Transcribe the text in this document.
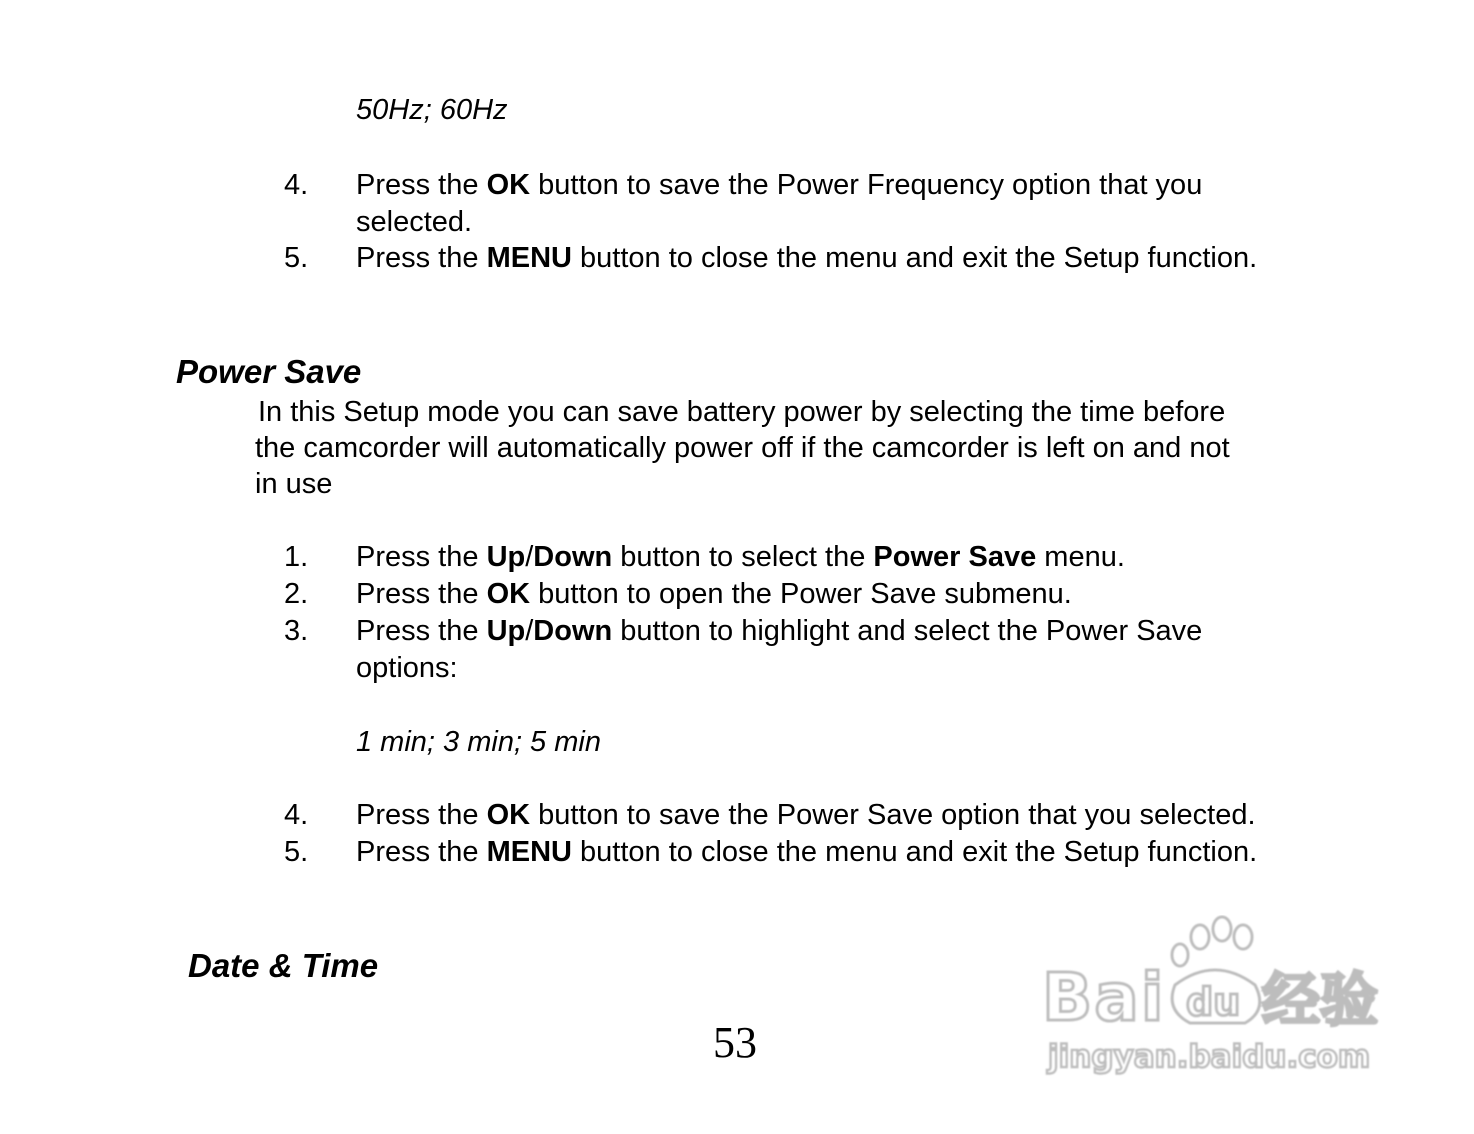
50Hz; 60Hz
4. Press the OK button to save the Power Frequency option that you
selected.
5. Press the MENU button to close the menu and exit the Setup function.
Power Save
In this Setup mode you can save battery power by selecting the time before
the camcorder will automatically power off if the camcorder is left on and not
in use
1. Press the Up/Down button to select the Power Save menu.
2. Press the OK button to open the Power Save submenu.
3. Press the Up/Down button to highlight and select the Power Save
options:
1 min; 3 min; 5 min
4. Press the OK button to save the Power Save option that you selected.
5. Press the MENU button to close the menu and exit the Setup function.
Date & Time
53
Bai du 经验
jingyan.baidu.com
